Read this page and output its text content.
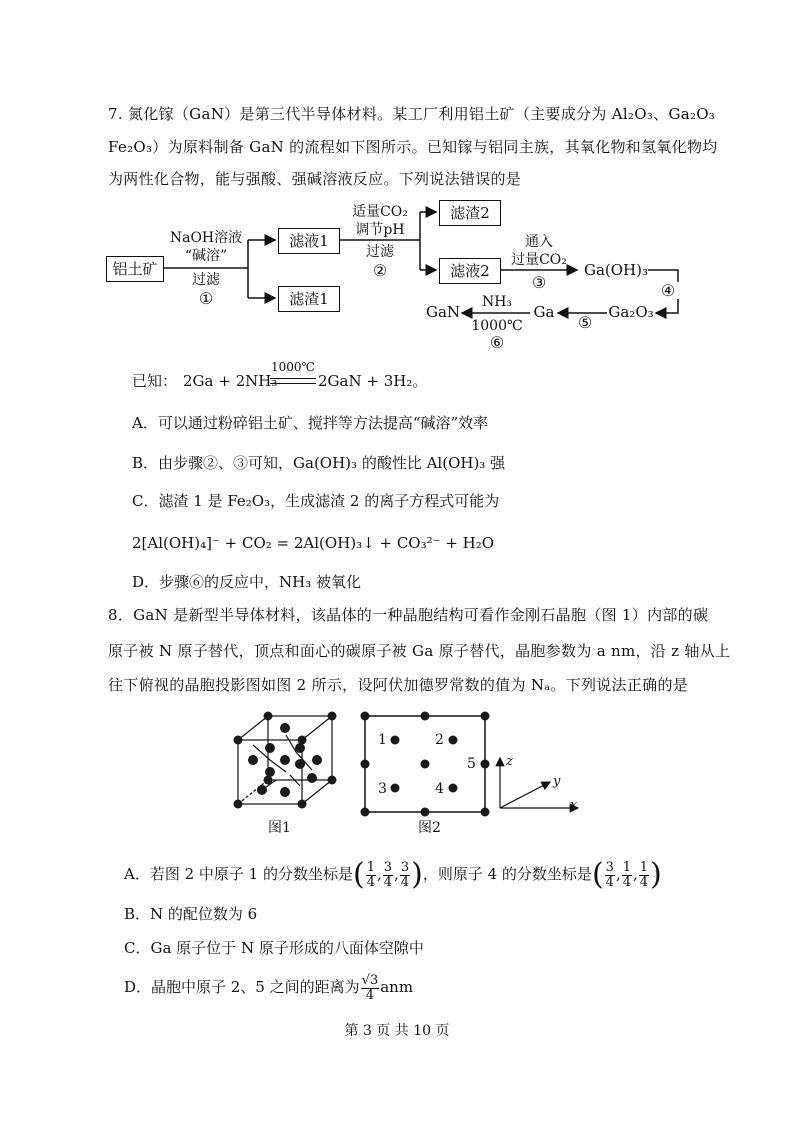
7. 氮化镓（GaN）是第三代半导体材料。某工厂利用铝土矿（主要成分为 Al₂O₃、Ga₂O₃
Fe₂O₃）为原料制备 GaN 的流程如下图所示。已知镓与铝同主族，其氧化物和氢氧化物均
为两性化合物，能与强酸、强碱溶液反应。下列说法错误的是
铝土矿
NaOH溶液
“碱溶”
过滤
①
滤液1
滤渣1
适量CO₂
调节pH
过滤
②
滤渣2
滤液2
通入
过量CO₂
③
Ga(OH)₃
④
Ga₂O₃
⑤
Ga
NH₃
1000℃
⑥
GaN
已知： 2Ga + 2NH₃
1000℃
2GaN + 3H₂。
A．可以通过粉碎铝土矿、搅拌等方法提高“碱溶”效率
B．由步骤②、③可知，Ga(OH)₃ 的酸性比 Al(OH)₃ 强
C．滤渣 1 是 Fe₂O₃，生成滤渣 2 的离子方程式可能为
2[Al(OH)₄]⁻ + CO₂ = 2Al(OH)₃↓ + CO₃²⁻ + H₂O
D．步骤⑥的反应中，NH₃ 被氧化
8．GaN 是新型半导体材料，该晶体的一种晶胞结构可看作金刚石晶胞（图 1）内部的碳
原子被 N 原子替代，顶点和面心的碳原子被 Ga 原子替代，晶胞参数为 a nm，沿 z 轴从上
往下俯视的晶胞投影图如图 2 所示，设阿伏加德罗常数的值为 Nₐ。下列说法正确的是
图1
1	2
3	4
5 z
y
x
图2
A．若图 2 中原子 1 的分数坐标是( $\frac{1}{4}$ , $\frac{3}{4}$ , $\frac{3}{4}$ )，则原子 4 的分数坐标是( $\frac{3}{4}$ , $\frac{1}{4}$ , $\frac{1}{4}$ )
B．N 的配位数为 6
C．Ga 原子位于 N 原子形成的八面体空隙中
D．晶胞中原子 2、5 之间的距离为 $\frac{√3}{4}$ anm
第 3 页 共 10 页
